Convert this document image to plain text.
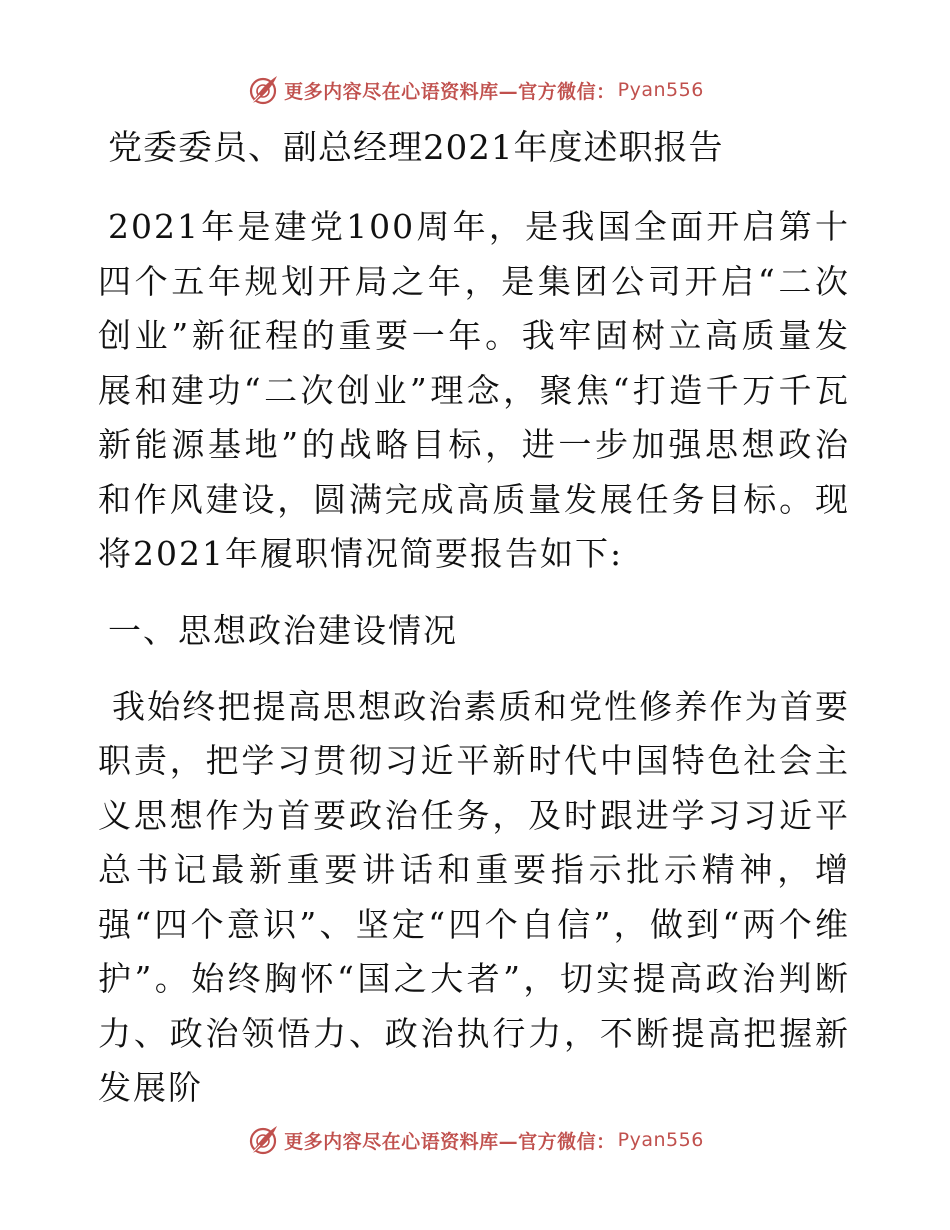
更多内容尽在心语资料库—官方微信： Pyan556
党委委员、副总经理2021年度述职报告

2021年是建党100周年，是我国全面开启第十四个五年规划开局之年，是集团公司开启“二次创业”新征程的重要一年。我牢固树立高质量发展和建功“二次创业”理念，聚焦“打造千万千瓦新能源基地”的战略目标，进一步加强思想政治和作风建设，圆满完成高质量发展任务目标。现将2021年履职情况简要报告如下:

一、思想政治建设情况

我始终把提高思想政治素质和党性修养作为首要职责，把学习贯彻习近平新时代中国特色社会主义思想作为首要政治任务，及时跟进学习习近平总书记最新重要讲话和重要指示批示精神，增强“四个意识”、坚定“四个自信”，做到“两个维护”。始终胸怀“国之大者”，切实提高政治判断力、政治领悟力、政治执行力，不断提高把握新发展阶

更多内容尽在心语资料库—官方微信： Pyan556
